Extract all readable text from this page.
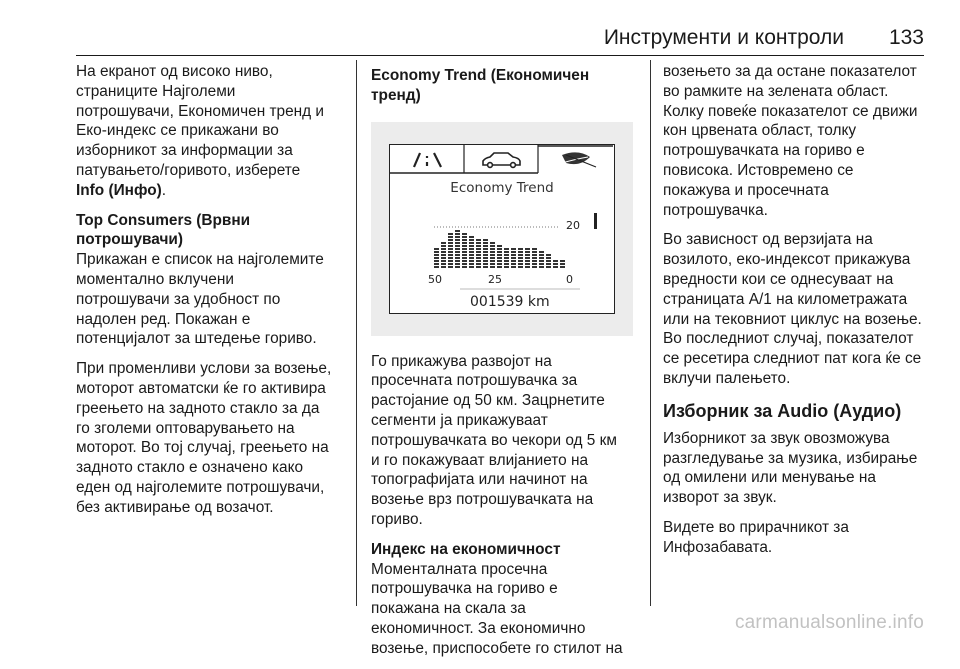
Инструменти и контроли 133

На екранот од високо ниво,
страниците Најголеми
потрошувачи, Економичен тренд и
Еко-индекс се прикажани во
изборникот за информации за
патувањето/горивото, изберете
Info (Инфо).

Top Consumers (Врвни
потрошувачи)

Прикажан е список на најголемите
моментално вклучени
потрошувачи за удобност по
надолен ред. Покажан е
потенцијалот за штедење гориво.

При променливи услови за возење,
моторот автоматски ќе го активира
греењето на задното стакло за да
го зголеми оптоварувањето на
моторот. Во тој случај, греењето на
задното стакло е означено како
еден од најголемите потрошувачи,
без активирање од возачот.

Economy Trend (Економичен тренд)
20
50	25	0
001539 km
Economy Trend

Го прикажува развојот на
просечната потрошувачка за
растојание од 50 км. Зацрнетите
сегменти ја прикажуваат
потрошувачката во чекори од 5 км
и го покажуваат влијанието на
топографијата или начинот на
возење врз потрошувачката на
гориво.

Индекс на економичност

Моменталната просечна
потрошувачка на гориво е
покажана на скала за
економичност. За економично
возење, приспособете го стилот на

возењето за да остане показателот
во рамките на зелената област.
Колку повеќе показателот се движи
кон црвената област, толку
потрошувачката на гориво е
повисока. Истовремено се
покажува и просечната
потрошувачка.

Во зависност од верзијата на
возилото, еко-индексот прикажува
вредности кои се однесуваат на
страницата A/1 на километражата
или на тековниот циклус на возење.
Во последниот случај, показателот
се ресетира следниот пат кога ќе се
вклучи палењето.

Изборник за Audio (Аудио)

Изборникот за звук овозможува
разгледување за музика, избирање
од омилени или менување на
изворот за звук.

Видете во прирачникот за
Инфозабавата.

carmanualsonline.info
